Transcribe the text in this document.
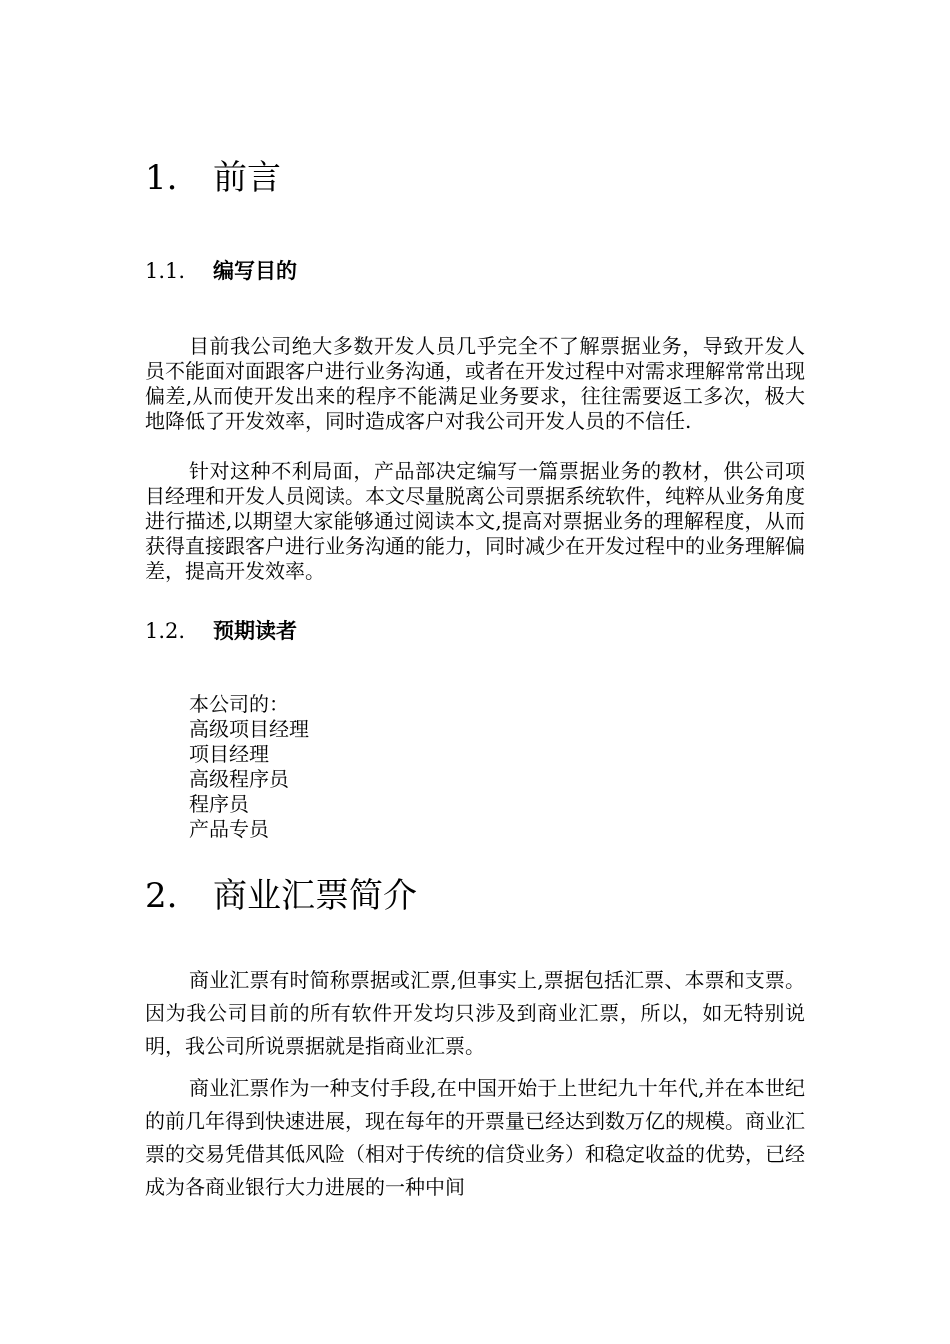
1. 前言
1.1. 编写目的

目前我公司绝大多数开发人员几乎完全不了解票据业务，导致开发人员不能面对面跟客户进行业务沟通，或者在开发过程中对需求理解常常出现偏差,从而使开发出来的程序不能满足业务要求，往往需要返工多次，极大地降低了开发效率，同时造成客户对我公司开发人员的不信任.

针对这种不利局面，产品部决定编写一篇票据业务的教材，供公司项目经理和开发人员阅读。本文尽量脱离公司票据系统软件，纯粹从业务角度进行描述,以期望大家能够通过阅读本文,提高对票据业务的理解程度，从而获得直接跟客户进行业务沟通的能力，同时减少在开发过程中的业务理解偏差，提高开发效率。

1.2. 预期读者
本公司的：
高级项目经理
项目经理
高级程序员
程序员
产品专员
2. 商业汇票简介

商业汇票有时简称票据或汇票,但事实上,票据包括汇票、本票和支票。因为我公司目前的所有软件开发均只涉及到商业汇票，所以，如无特别说明，我公司所说票据就是指商业汇票。

商业汇票作为一种支付手段,在中国开始于上世纪九十年代,并在本世纪的前几年得到快速进展，现在每年的开票量已经达到数万亿的规模。商业汇票的交易凭借其低风险（相对于传统的信贷业务）和稳定收益的优势，已经成为各商业银行大力进展的一种中间
